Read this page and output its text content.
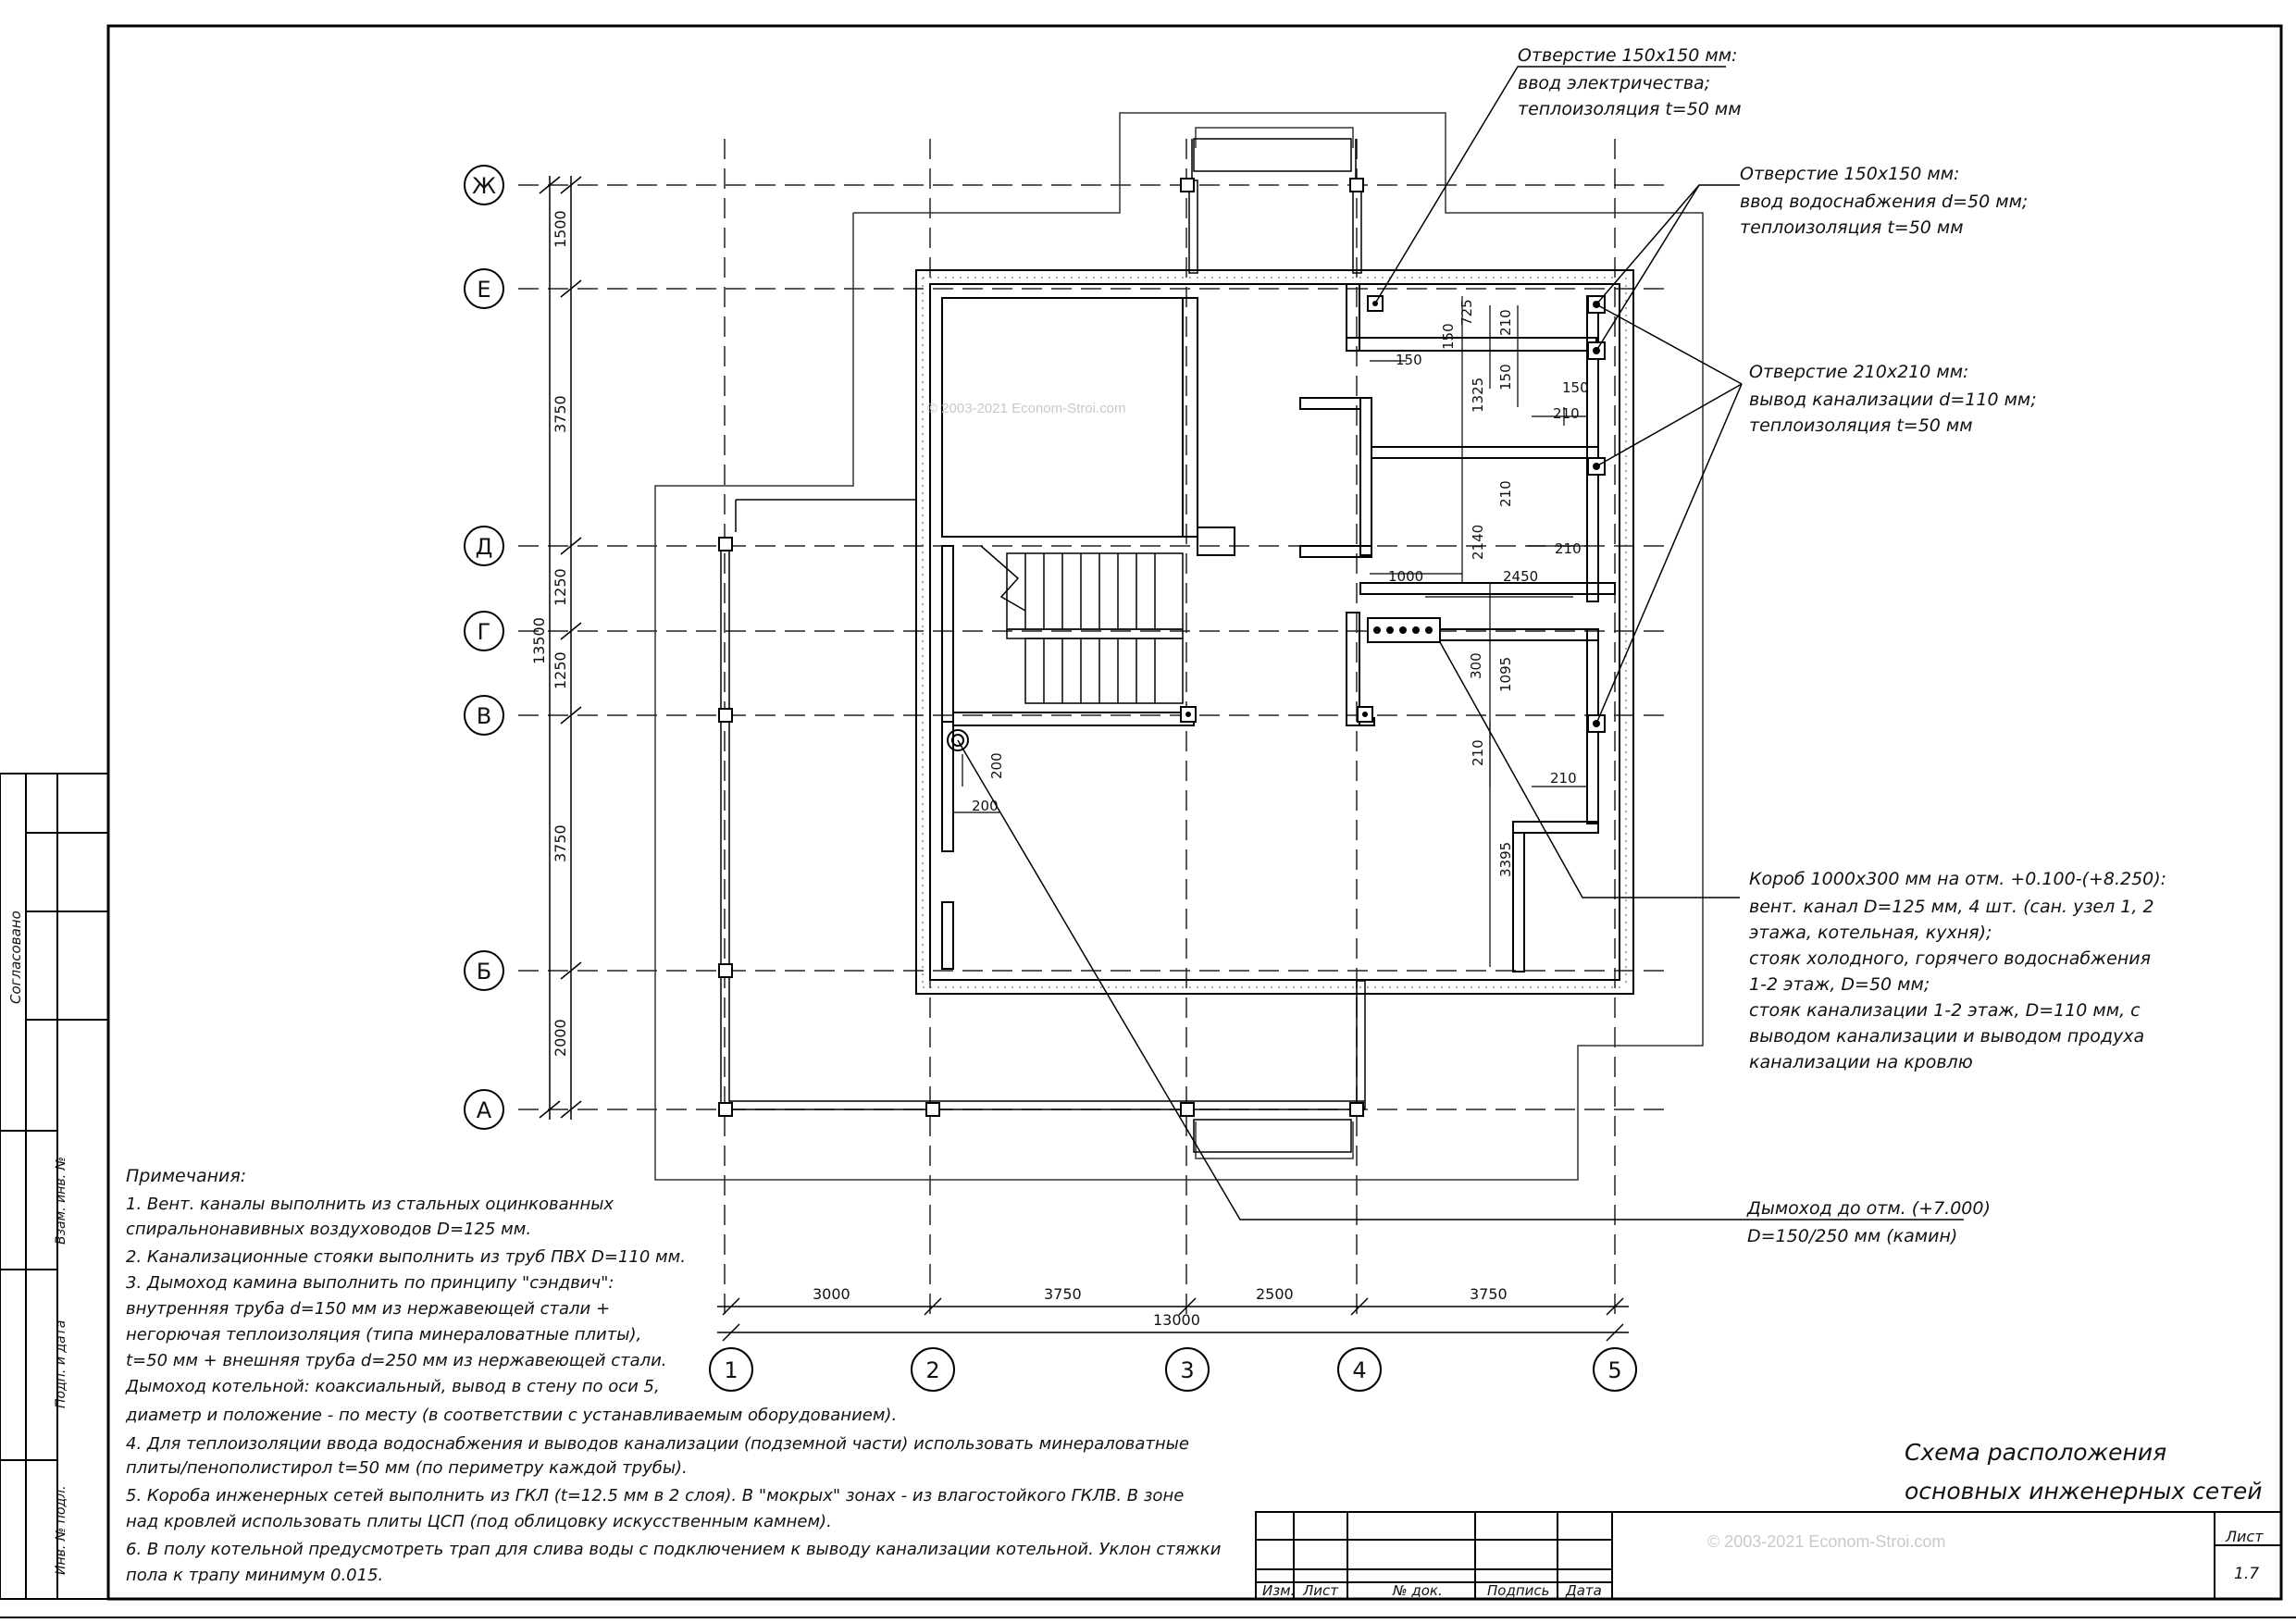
Согласовано
Взам. инв. №
Подп. и дата
Инв. № подл.
Изм. Лист	№ док.	Подпись Дата
Лист
1.7
© 2003-2021 Econom-Stroi.com
Схема расположения
основных инженерных сетей
Ж
Е
Д
Г
В
Б
А
1	2	3	4	5
1500
3750
1250
1250
3750
2000
13500
3000	3750	2500	3750
13000
150
725 210
150
150	150
1325
210
210
2140	210
1000	2450
300 1095
210
210
3395
200
200
© 2003-2021 Econom-Stroi.com
Отверстие 150x150 мм:
ввод электричества;
теплоизоляция t=50 мм
Отверстие 150x150 мм:
ввод водоснабжения d=50 мм;
теплоизоляция t=50 мм
Отверстие 210x210 мм:
вывод канализации d=110 мм;
теплоизоляция t=50 мм
Короб 1000x300 мм на отм. +0.100-(+8.250):
вент. канал D=125 мм, 4 шт. (сан. узел 1, 2
этажа, котельная, кухня);
стояк холодного, горячего водоснабжения
1-2 этаж, D=50 мм;
стояк канализации 1-2 этаж, D=110 мм, с
выводом канализации и выводом продуха
канализации на кровлю
Дымоход до отм. (+7.000)
D=150/250 мм (камин)
Примечания:
1. Вент. каналы выполнить из стальных оцинкованных
спиральнонавивных воздуховодов D=125 мм.
2. Канализационные стояки выполнить из труб ПВХ D=110 мм.
3. Дымоход камина выполнить по принципу "сэндвич":
внутренняя труба d=150 мм из нержавеющей стали +
негорючая теплоизоляция (типа минераловатные плиты),
t=50 мм + внешняя труба d=250 мм из нержавеющей стали.
Дымоход котельной: коаксиальный, вывод в стену по оси 5,
диаметр и положение - по месту (в соответствии с устанавливаемым оборудованием).
4. Для теплоизоляции ввода водоснабжения и выводов канализации (подземной части) использовать минераловатные
плиты/пенополистирол t=50 мм (по периметру каждой трубы).
5. Короба инженерных сетей выполнить из ГКЛ (t=12.5 мм в 2 слоя). В "мокрых" зонах - из влагостойкого ГКЛВ. В зоне
над кровлей использовать плиты ЦСП (под облицовку искусственным камнем).
6. В полу котельной предусмотреть трап для слива воды с подключением к выводу канализации котельной. Уклон стяжки
пола к трапу минимум 0.015.
